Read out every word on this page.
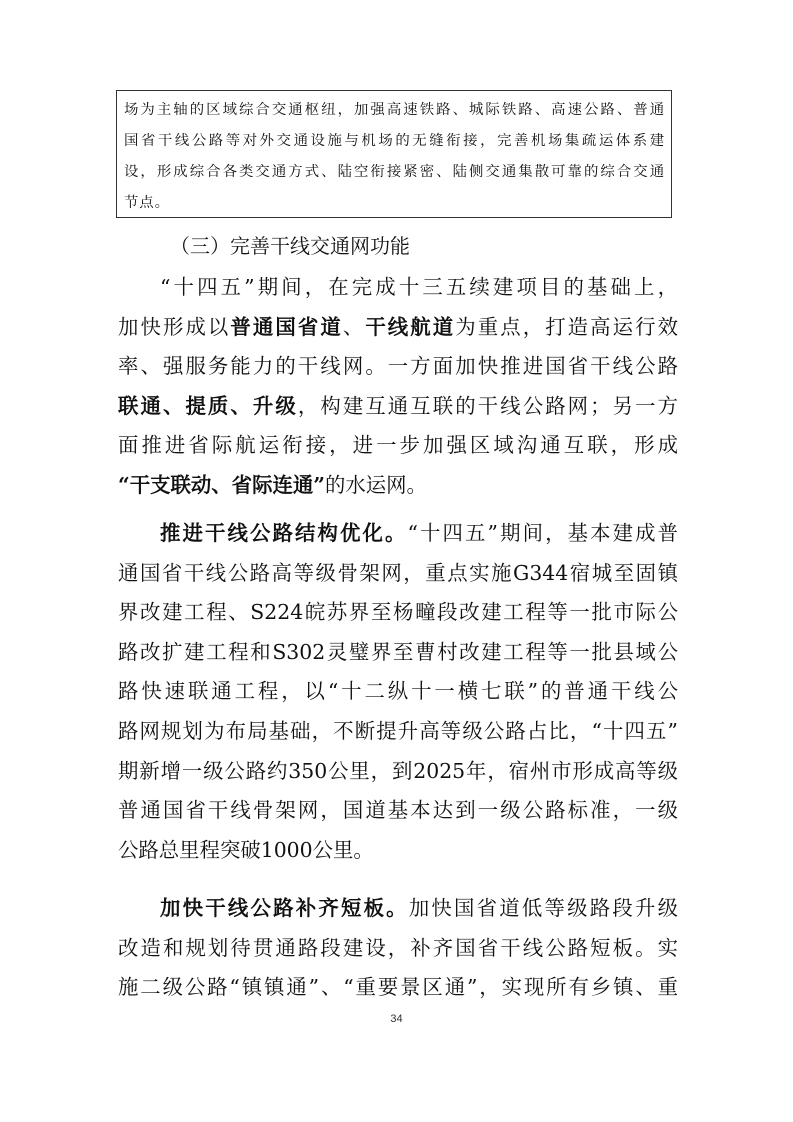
场为主轴的区域综合交通枢纽，加强高速铁路、城际铁路、高速公路、普通
国省干线公路等对外交通设施与机场的无缝衔接，完善机场集疏运体系建
设，形成综合各类交通方式、陆空衔接紧密、陆侧交通集散可靠的综合交通
节点。
（三）完善干线交通网功能
“十四五”期间，在完成十三五续建项目的基础上，
加快形成以普通国省道、干线航道为重点，打造高运行效
率、强服务能力的干线网。一方面加快推进国省干线公路
联通、提质、升级，构建互通互联的干线公路网；另一方
面推进省际航运衔接，进一步加强区域沟通互联，形成
“干支联动、省际连通”的水运网。
推进干线公路结构优化。“十四五”期间，基本建成普
通国省干线公路高等级骨架网，重点实施G344宿城至固镇
界改建工程、S224皖苏界至杨疃段改建工程等一批市际公
路改扩建工程和S302灵璧界至曹村改建工程等一批县域公
路快速联通工程，以“十二纵十一横七联”的普通干线公
路网规划为布局基础，不断提升高等级公路占比，“十四五”
期新增一级公路约350公里，到2025年，宿州市形成高等级
普通国省干线骨架网，国道基本达到一级公路标准，一级
公路总里程突破1000公里。
加快干线公路补齐短板。加快国省道低等级路段升级
改造和规划待贯通路段建设，补齐国省干线公路短板。实
施二级公路“镇镇通”、“重要景区通”，实现所有乡镇、重
34
